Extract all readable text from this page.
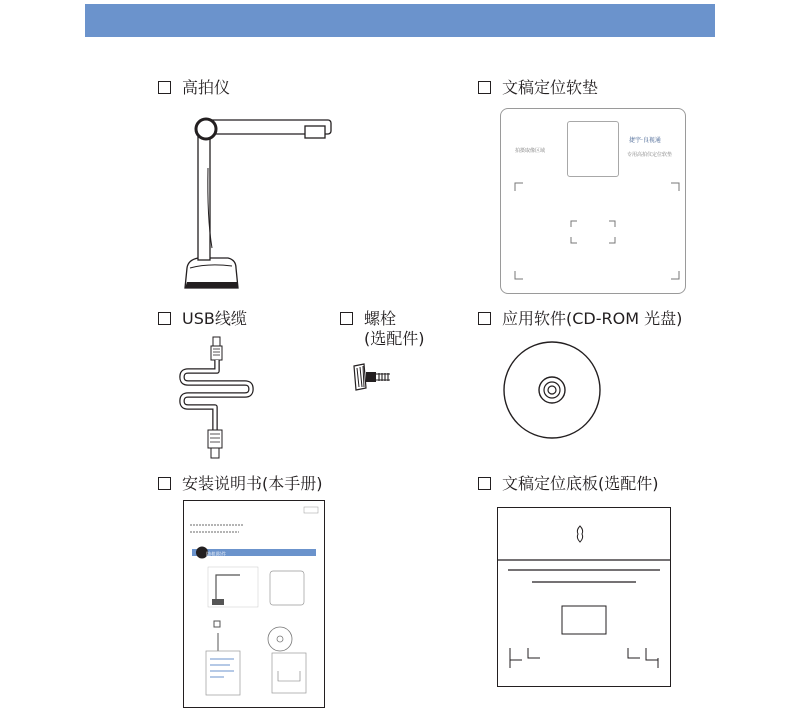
高拍仪	文稿定位软垫
拍摄取像区域
捷宇·良视通
专用高拍仪定位软垫
USB线缆	螺栓
(选配件)
应用软件(CD-ROM 光盘)
安装说明书(本手册)
随机附件
文稿定位底板(选配件)
